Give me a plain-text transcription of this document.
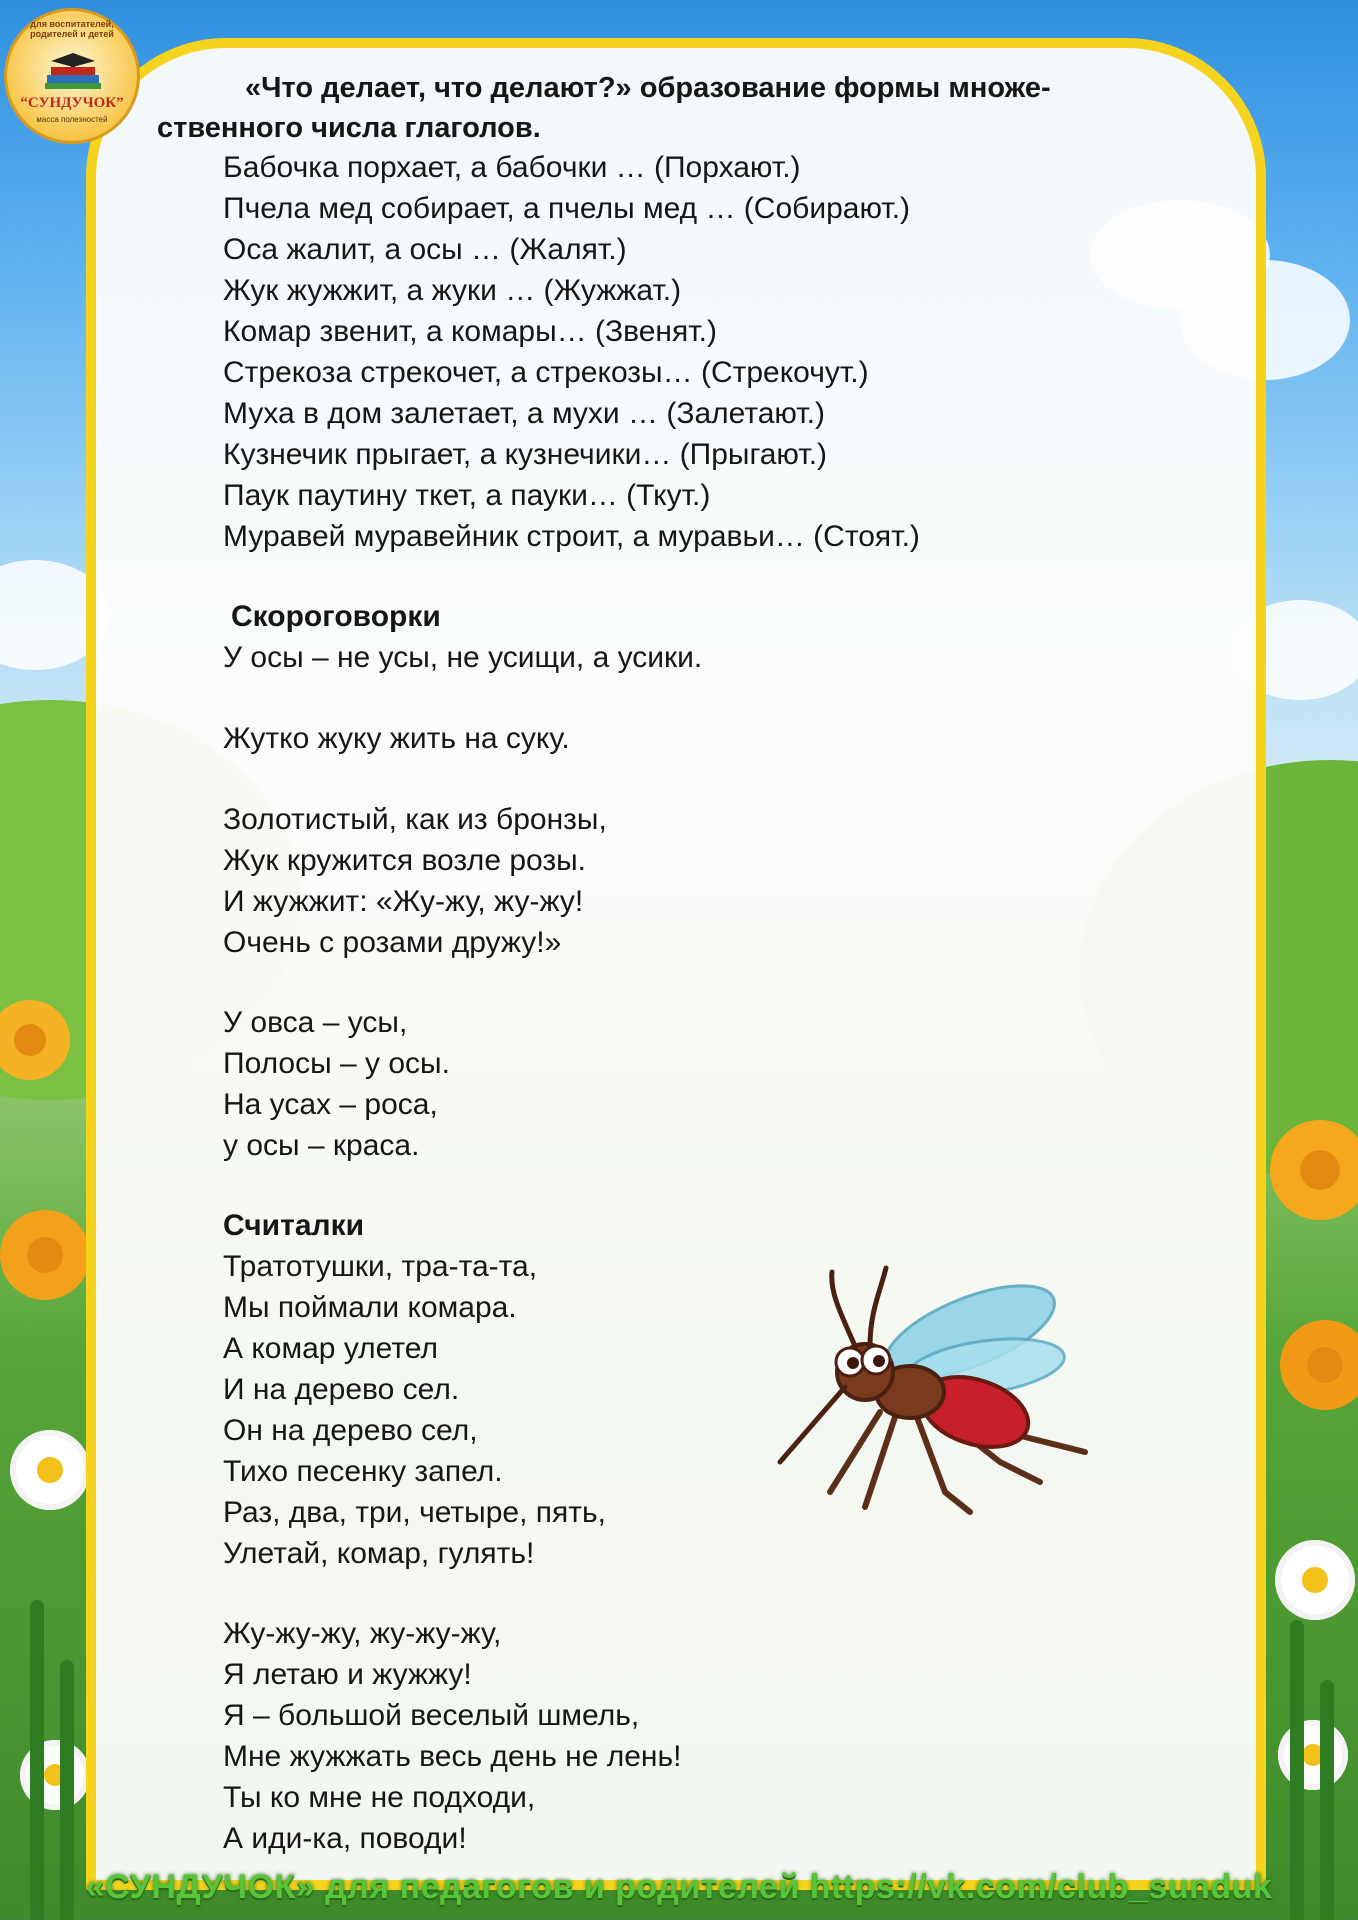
для воспитателей, родителей и детей
“СУНДУЧОК”
масса полезностей
«Что делает, что делают?» образование формы множе-ственного числа глаголов.
Бабочка порхает, а бабочки … (Порхают.)
Пчела мед собирает, а пчелы мед … (Собирают.)
Оса жалит, а осы … (Жалят.)
Жук жужжит, а жуки … (Жужжат.)
Комар звенит, а комары… (Звенят.)
Стрекоза стрекочет, а стрекозы… (Стрекочут.)
Муха в дом залетает, а мухи … (Залетают.)
Кузнечик прыгает, а кузнечики… (Прыгают.)
Паук паутину ткет, а пауки… (Ткут.)
Муравей муравейник строит, а муравьи… (Стоят.)
Скороговорки
У осы – не усы, не усищи, а усики.
Жутко жуку жить на суку.
Золотистый, как из бронзы,
Жук кружится возле розы.
И жужжит: «Жу-жу, жу-жу!
Очень с розами дружу!»
У овса – усы,
Полосы – у осы.
На усах – роса,
у осы – краса.
Считалки
Тратотушки, тра-та-та,
Мы поймали комара.
А комар улетел
И на дерево сел.
Он на дерево сел,
Тихо песенку запел.
Раз, два, три, четыре, пять,
Улетай, комар, гулять!
Жу-жу-жу, жу-жу-жу,
Я летаю и жужжу!
Я – большой веселый шмель,
Мне жужжать весь день не лень!
Ты ко мне не подходи,
А иди-ка, поводи!
«СУНДУЧОК» для педагогов и родителей https://vk.com/club_sunduk
